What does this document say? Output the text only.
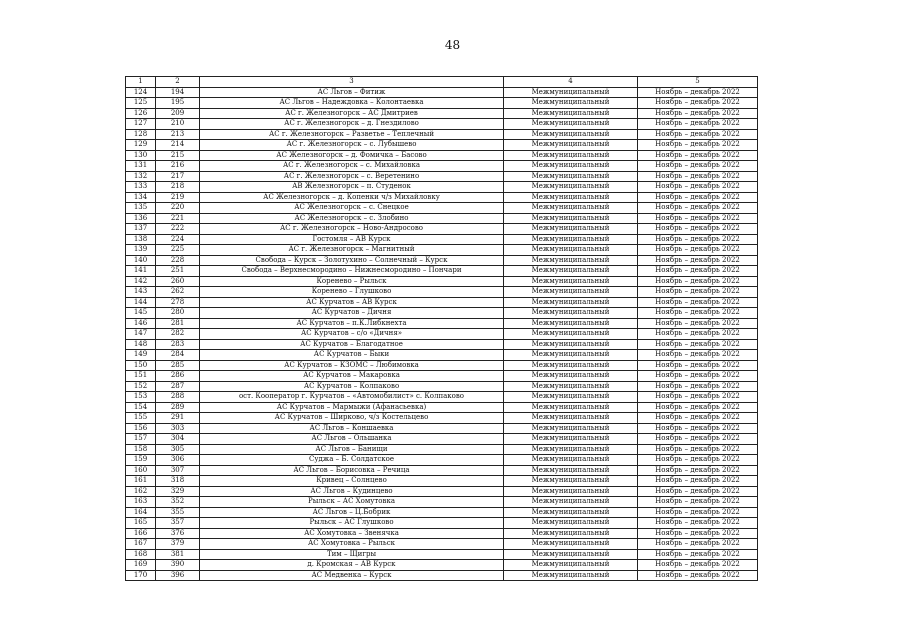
48
1	2	3	4	5
124	194	АС Льгов – Фитиж	Межмуниципальный	Ноябрь – декабрь 2022
125	195	АС Льгов – Надеждовка – Колонтаевка	Межмуниципальный	Ноябрь – декабрь 2022
126	209	АС г. Железногорск – АС Дмитриев	Межмуниципальный	Ноябрь – декабрь 2022
127	210	АС г. Железногорск – д. Гнездилово	Межмуниципальный	Ноябрь – декабрь 2022
128	213	АС г. Железногорск – Разветье – Теплечный	Межмуниципальный	Ноябрь – декабрь 2022
129	214	АС г. Железногорск – с. Лубышево	Межмуниципальный	Ноябрь – декабрь 2022
130	215	АС Железногорск – д. Фомичка – Басово	Межмуниципальный	Ноябрь – декабрь 2022
131	216	АС г. Железногорск – с. Михайловка	Межмуниципальный	Ноябрь – декабрь 2022
132	217	АС г. Железногорск – с. Веретенино	Межмуниципальный	Ноябрь – декабрь 2022
133	218	АВ Железногорск – п. Студенок	Межмуниципальный	Ноябрь – декабрь 2022
134	219	АС Железногорск – д. Копенки ч/з Михайловку	Межмуниципальный	Ноябрь – декабрь 2022
135	220	АС Железногорск – с. Снецкое	Межмуниципальный	Ноябрь – декабрь 2022
136	221	АС Железногорск – с. Злобино	Межмуниципальный	Ноябрь – декабрь 2022
137	222	АС г. Железногорск – Ново-Андросово	Межмуниципальный	Ноябрь – декабрь 2022
138	224	Гостомля – АВ Курск	Межмуниципальный	Ноябрь – декабрь 2022
139	225	АС г. Железногорск – Магнитный	Межмуниципальный	Ноябрь – декабрь 2022
140	228	Свобода – Курск – Золотухино – Солнечный – Курск	Межмуниципальный	Ноябрь – декабрь 2022
141	251	Свобода – Верхнесмородино – Нижнесмородино – Пончари	Межмуниципальный	Ноябрь – декабрь 2022
142	260	Коренево – Рыльск	Межмуниципальный	Ноябрь – декабрь 2022
143	262	Коренево – Глушково	Межмуниципальный	Ноябрь – декабрь 2022
144	278	АС Курчатов – АВ Курск	Межмуниципальный	Ноябрь – декабрь 2022
145	280	АС Курчатов – Дичня	Межмуниципальный	Ноябрь – декабрь 2022
146	281	АС Курчатов – п.К.Либкнехта	Межмуниципальный	Ноябрь – декабрь 2022
147	282	АС Курчатов – с/о «Дичня»	Межмуниципальный	Ноябрь – декабрь 2022
148	283	АС Курчатов – Благодатное	Межмуниципальный	Ноябрь – декабрь 2022
149	284	АС Курчатов – Быки	Межмуниципальный	Ноябрь – декабрь 2022
150	285	АС Курчатов – КЗОМС – Любимовка	Межмуниципальный	Ноябрь – декабрь 2022
151	286	АС Курчатов – Макаровка	Межмуниципальный	Ноябрь – декабрь 2022
152	287	АС Курчатов – Колпаково	Межмуниципальный	Ноябрь – декабрь 2022
153	288	ост. Кооператор г. Курчатов – «Автомобилист» с. Колпаково	Межмуниципальный	Ноябрь – декабрь 2022
154	289	АС Курчатов – Мармыжи (Афанасьевка)	Межмуниципальный	Ноябрь – декабрь 2022
155	291	АС Курчатов – Ширково, ч/з Костельцево	Межмуниципальный	Ноябрь – декабрь 2022
156	303	АС Льгов – Коншаевка	Межмуниципальный	Ноябрь – декабрь 2022
157	304	АС Льгов – Ольшанка	Межмуниципальный	Ноябрь – декабрь 2022
158	305	АС Льгов – Банищи	Межмуниципальный	Ноябрь – декабрь 2022
159	306	Суджа – Б. Солдатское	Межмуниципальный	Ноябрь – декабрь 2022
160	307	АС Льгов – Борисовка – Речица	Межмуниципальный	Ноябрь – декабрь 2022
161	318	Кривец – Солнцево	Межмуниципальный	Ноябрь – декабрь 2022
162	329	АС Льгов – Кудинцево	Межмуниципальный	Ноябрь – декабрь 2022
163	352	Рыльск – АС Хомутовка	Межмуниципальный	Ноябрь – декабрь 2022
164	355	АС Льгов – Ц.Бобрик	Межмуниципальный	Ноябрь – декабрь 2022
165	357	Рыльск – АС Глушково	Межмуниципальный	Ноябрь – декабрь 2022
166	376	АС Хомутовка – Звенячка	Межмуниципальный	Ноябрь – декабрь 2022
167	379	АС Хомутовка – Рыльск	Межмуниципальный	Ноябрь – декабрь 2022
168	381	Тим – Щигры	Межмуниципальный	Ноябрь – декабрь 2022
169	390	д. Кромская – АВ Курск	Межмуниципальный	Ноябрь – декабрь 2022
170	396	АС Медвенка – Курск	Межмуниципальный	Ноябрь – декабрь 2022
